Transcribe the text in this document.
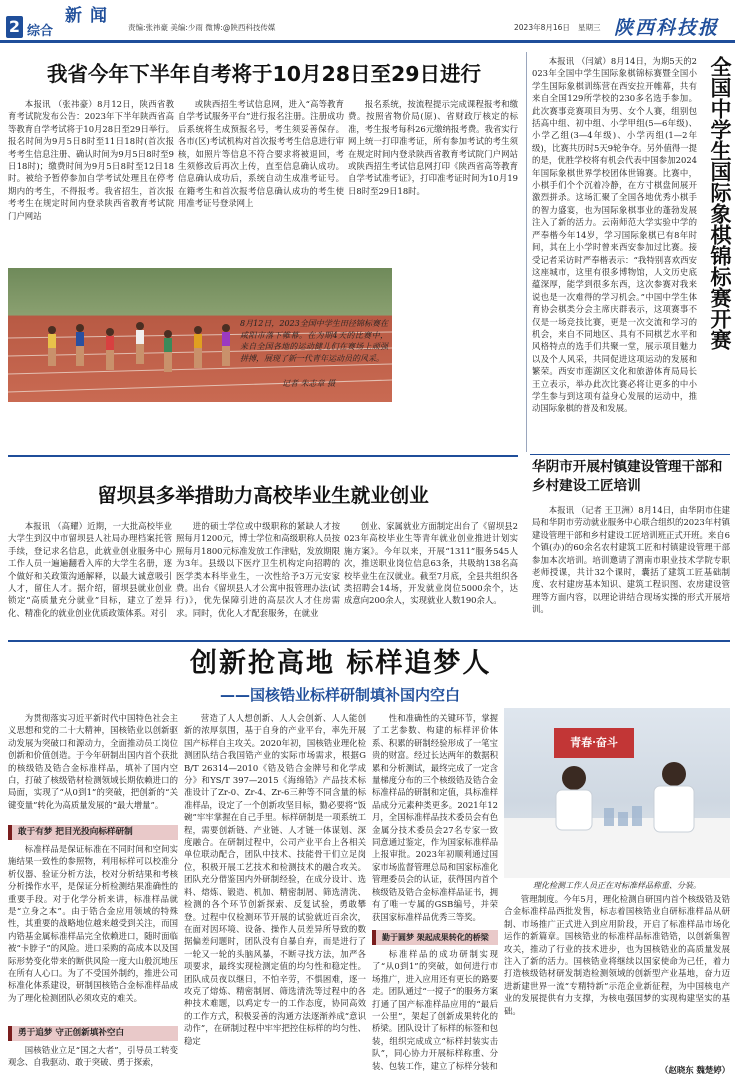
2 综合
新闻
责编:张祎豪 美编:少雨 微博:@陕西科技传媒	2023年8月16日 星期三 陕西科技报
我省今年下半年自考将于10月28日至29日进行

本报讯 （张祎豪）8月12日，陕西省教育考试院发布公告：2023年下半年陕西省高等教育自学考试将于10月28日至29日举行。报名时间为9月5日8时至11日18时(首次报考考生信息注册、确认时间为9月5日8时至9日18时)；缴费时间为9月5日8时至12日18时。被给予暂停参加自学考试处理且在停考期内的考生，不得报考。我省招生，首次报考考生在规定时间内登录陕西省教育考试院门户网站

或陕西招生考试信息网，进入“高等教育自学考试服务平台”进行报名注册。注册成功后系统将生成预报名号，考生须妥善保存。各市(区)考试机构对首次报考考生信息进行审核，如照片等信息不符合要求将被退回，考生须修改后再次上传，直至信息确认成功。信息确认成功后，系统自动生成准考证号。在籍考生和首次报考信息确认成功的考生使用准考证号登录网上

报名系统，按流程提示完成课程报考和缴费。按照省物价局(原)、省财政厅核定的标准，考生报考每科26元缴纳报考费。我省实行网上统一打印准考证，所有参加考试的考生须在规定时间内登录陕西省教育考试院门户网站或陕西招生考试信息网打印《陕西省高等教育自学考试准考证》，打印准考证时间为10月19日8时至29日18时。

8月12日，2023全国中学生田径锦标赛在咸阳市落下帷幕。在为期4天的比赛中，来自全国各地的运动健儿们在赛场上顽强拼搏，展现了新一代青年运动员的风采。
记者 朱志章 摄

本报讯 （闫斌）8月14日，为期5天的2023年全国中学生国际象棋锦标赛暨全国小学生国际象棋训练营在西安拉开帷幕，共有来自全国129所学校的230多名选手参加。此次赛事竞赛项目为男、女个人赛，组别包括高中组、初中组、小学甲组(5—6年级)、小学乙组(3—4年级)、小学丙组(1—2年级)，比赛共历时5天9轮争夺。另外值得一提的是，优胜学校将有机会代表中国参加2024年国际象棋世界学校团体世锦赛。比赛中，小棋手们个个沉着冷静，在方寸棋盘间展开激烈拼杀。这场汇聚了全国各地优秀小棋手的智力盛宴，也为国际象棋事业的蓬勃发展注入了新的活力。云南师范大学实验中学的严奉楷今年14岁，学习国际象棋已有8年时间，其在上小学时曾来西安参加过比赛。接受记者采访时严奉楷表示：“我特别喜欢西安这座城市，这里有很多博物馆，人文历史底蕴深厚，能学到很多东西，这次参赛对我来说也是一次难得的学习机会。”中国中学生体育协会棋类分会主席庆群表示，这项赛事不仅是一场竞技比赛，更是一次交流和学习的机会，来自不同地区、具有不同棋艺水平和风格特点的选手们共聚一堂，展示项目魅力以及个人风采，共同促进这项运动的发展和繁荣。西安市莲湖区文化和旅游体育局局长王立表示，举办此次比赛必将让更多的中小学生参与到这项有益身心发展的运动中，推动国际象棋的普及和发展。

全国中学生国际象棋锦标赛开赛
华阴市开展村镇建设管理干部和乡村建设工匠培训

本报讯 （记者 王卫洲）8月14日，由华阴市住建局和华阴市劳动就业服务中心联合组织的2023年村镇建设管理干部和乡村建设工匠培训班正式开班。来自6个镇(办)的60余名农村建筑工匠和村镇建设管理干部参加本次培训。培训邀请了渭南市职业技术学院专职老师授课，共计32个课时，囊括了建筑工匠基础制度、农村建房基本知识、建筑工程识图、农房建设管理等方面内容，以理论讲结合现场实操的形式开展培训。

留坝县多举措助力高校毕业生就业创业

本报讯 （高耀）近期，一大批高校毕业大学生到汉中市留坝县人社局办理档案托管手续，登记求名信息，此就业创业服务中心工作人员一遍遍翻看入库的大学生名册，逐个做好和关政策沟通解释，以最大诚意吸引人才，留住人才。据介绍，留坝县就业创业锁定“高质量充分就业”目标，建立了差异化、精准化的就业创业优质政策体系。对引

进的硕士学位或中级职称的紧缺人才按照每月1200元，博士学位和高级职称人员按照每月1800元标准发放工作津贴，发放期限为3年。县级以下医疗卫生机构定向招聘的医学类本科毕业生，一次性给予3万元安家费。出台《留坝县人才公寓申报管理办法(试行)》，优先保障引进的高层次人才住房需求。同时，优化人才配套服务，在就业

创业、家属就业方面制定出台了《留坝县2023年高校毕业生等青年就业创业推进计划实施方案》。今年以来，开展“1311”服务545人次，推送职业岗位信息63条，共吸纳138名高校毕业生在汉就业。截至7月底，全县共组织各类招聘会14场，开发就业岗位5000余个，达成意向200余人，实现就业人数190余人。

创新抢高地 标样追梦人
——国核锆业标样研制填补国内空白

为贯彻落实习近平新时代中国特色社会主义思想和党的二十大精神，国核锆业以创新驱动发展为突破口和源动力，全面推动员工岗位创新和价值创造。于今年研制出国内首个获批的核级锆及锆合金标准样品，填补了国内空白，打破了核级锆材检测领域长期依赖进口的局面，实现了“从0到1”的突破，把创新的“关键变量”转化为高质量发展的“最大增量”。

敢于有梦 把目光投向标样研制

标准样品是保证标准在不同时间和空间实施结果一致性的参照物，利用标样可以校准分析仪器、验证分析方法，校对分析结果和考核分析操作水平，是保证分析检测结果准确性的重要手段。对于化学分析来讲，标准样品就是“立身之本”。由于锆合金应用领域的特殊性，其重要的战略地位越来越受到关注，而国内锆基金属标准样品完全依赖进口，随时面临被“卡脖子”的风险。进口采购的高成本以及国际形势变化带来的断供风险一度大山般沉地压在所有人心口。为了不受国外制约，推进公司标准化体系建设，研制国核锆合金标准样品成为了理化检测团队必须攻克的难关。

勇于追梦 守正创新填补空白

国核锆业立足“国之大者”，引导员工转变观念、自我驱动、敢于突破、勇于探索，

营造了人人想创新、人人会创新、人人能创新的浓厚氛围，基于自身的产业平台，率先开展国产标样自主攻关。2020年初，国核锆业理化检测团队结合我国锆产业的实际市场需求，根据GB/T 26314—2010《锆及锆合金牌号和化学成分》和YS/T 397—2015《海绵锆》产品技术标准设计了Zr-0、Zr-4、Zr-6三种等不同含量的标准样品，设定了一个创新攻坚目标，勠必要将“饭碗”牢牢掌握在自己手里。标样研制是一项系统工程，需要创新链、产业链、人才链一体谋划、深度融合。在研制过程中，公司产业平台上各相关单位联动配合，团队中技术、技能骨干们立足岗位，积极开展工艺技术和检测技术的融合攻关。团队充分借鉴国内外研制经验，在成分设计、选料、熔炼、锻造、机加、精密制屑、筛选清洗、检测的各个环节创新探索、反复试验，勇敢攀登。过程中仅检测环节开展的试验就近百余次，在面对因环境、设备、操作人员差异所导致的数据偏差问题时，团队没有自暴自弃，而是进行了一轮又一轮的头脑风暴，不断寻找方法，加严各项要求，最终实现检测定值的均匀性和稳定性。团队成员夜以继日，不怕辛劳，不惧困难，逐一攻克了熔炼、精密制屑、筛选清洗等过程中的各种技术难题，以鸡定专一的工作态度，协同高效的工作方式，积极妥善的沟通方法逐渐养成“意识动作”，在研制过程中牢牢把控住标样的均匀性、稳定

性和准确性的关键环节，掌握了工艺参数、构建的标样评价体系、积累的研制经验形成了一笔宝贵的财富。经过长达两年的数据积累和分析测试，最终完成了一定含量梯度分布的三个核级锆及锆合金标准样品的研制和定值，具标准样品成分元素种类更多。2021年12月，全国标准样品技术委员会有色金属分技术委员会27名专家一致同意通过鉴定，作为国家标准样品上报审批。2023年初顺利通过国家市场监督管理总局和国家标准化管理委员会的认证，获得国内首个核级锆及锆合金标准样品证书，拥有了唯一专属的GSB编号，并荣获国家标准样品优秀三等奖。

勤于圆梦 架起成果转化的桥梁

标准样品的成功研制实现了“从0到1”的突破，如何进行市场推广，进入应用还有更长的路要走。团队通过“一搅子”的服务方案打通了国产标准样品应用的“最后一公里”，架起了创新成果转化的桥梁。团队设计了标样的标签和包装，组织完成成立“标样封装实击队”，同心协力开展标样称重、分装、包装工作，建立了标样分装和

青春·奋斗
理化检测工作人员正在对标准样品称重、分装。

管理制度。今年5月，理化检测自研国内首个核级锆及锆合金标准样品西批发售，标志着国核锆业自研标准样品从研制、市场推广正式进入到应用阶段，开启了标准样品市场化运作的新篇章。国核锆业的标准样品标准锆锆，以创新集智攻关，推动了行业的技术进步，也为国核锆业的高质量发展注入了新的活力。国核锆业将继续以国家使命为己任，着力打造核级锆材研发制造检测领域的创新型产业基地，奋力迈进新建世界一流“专精特新”示范企业新征程，为中国核电产业的发展提供有力支撑，为核电强国梦的实现构建坚实的基础。

（赵晓东 魏楚婷）
